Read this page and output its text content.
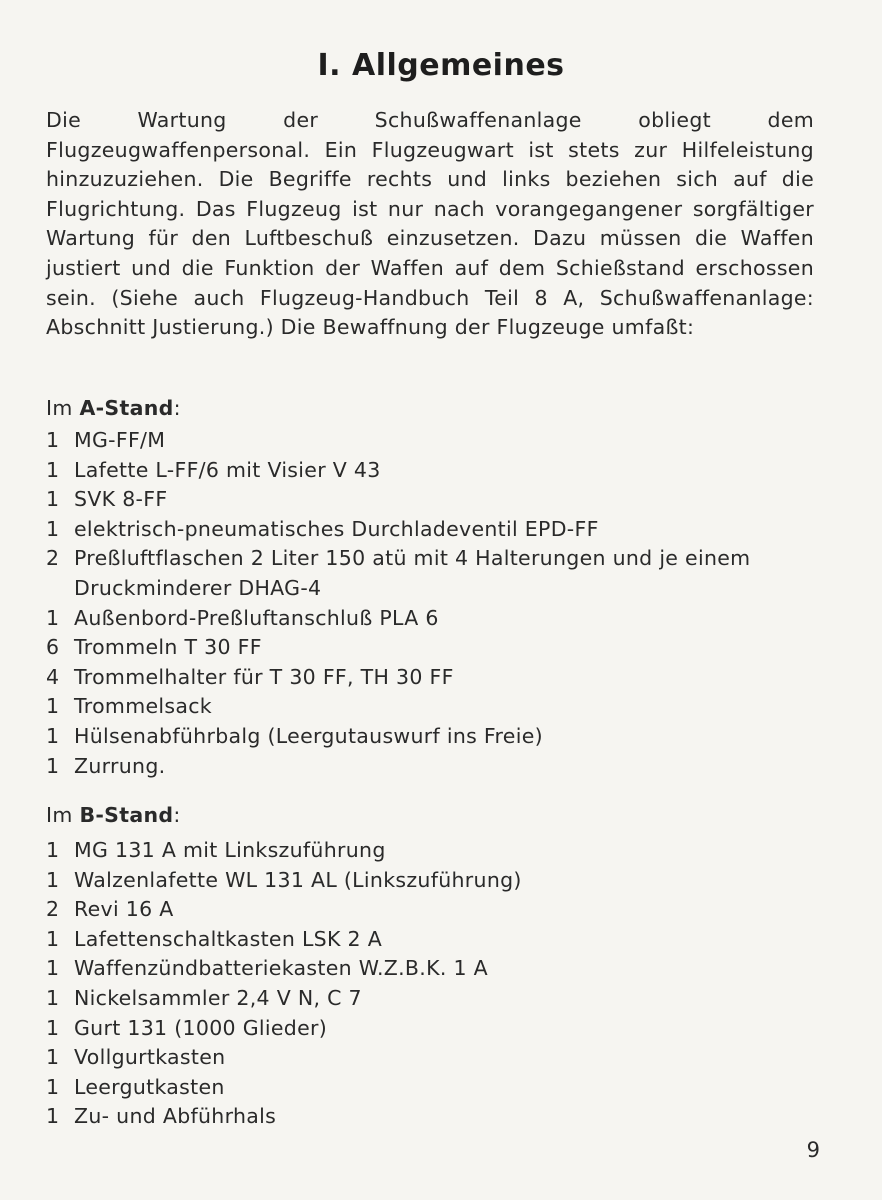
I. Allgemeines

Die Wartung der Schußwaffenanlage obliegt dem Flugzeugwaffenpersonal. Ein Flugzeugwart ist stets zur Hilfeleistung hinzuzuziehen. Die Begriffe rechts und links beziehen sich auf die Flugrichtung. Das Flugzeug ist nur nach vorangegangener sorgfältiger Wartung für den Luftbeschuß einzusetzen. Dazu müssen die Waffen justiert und die Funktion der Waffen auf dem Schießstand erschossen sein. (Siehe auch Flugzeug-Handbuch Teil 8 A, Schußwaffenanlage: Abschnitt Justierung.) Die Bewaffnung der Flugzeuge umfaßt:

Im A-Stand:

1 MG-FF/M
1 Lafette L-FF/6 mit Visier V 43
1 SVK 8-FF
1 elektrisch-pneumatisches Durchladeventil EPD-FF
2 Preßluftflaschen 2 Liter 150 atü mit 4 Halterungen und je einem Druckminderer DHAG-4
1 Außenbord-Preßluftanschluß PLA 6
6 Trommeln T 30 FF
4 Trommelhalter für T 30 FF, TH 30 FF
1 Trommelsack
1 Hülsenabführbalg (Leergutauswurf ins Freie)
1 Zurrung.

Im B-Stand:

1 MG 131 A mit Linkszuführung
1 Walzenlafette WL 131 AL (Linkszuführung)
2 Revi 16 A
1 Lafettenschaltkasten LSK 2 A
1 Waffenzündbatteriekasten W.Z.B.K. 1 A
1 Nickelsammler 2,4 V N, C 7
1 Gurt 131 (1000 Glieder)
1 Vollgurtkasten
1 Leergutkasten
1 Zu- und Abführhals
9
